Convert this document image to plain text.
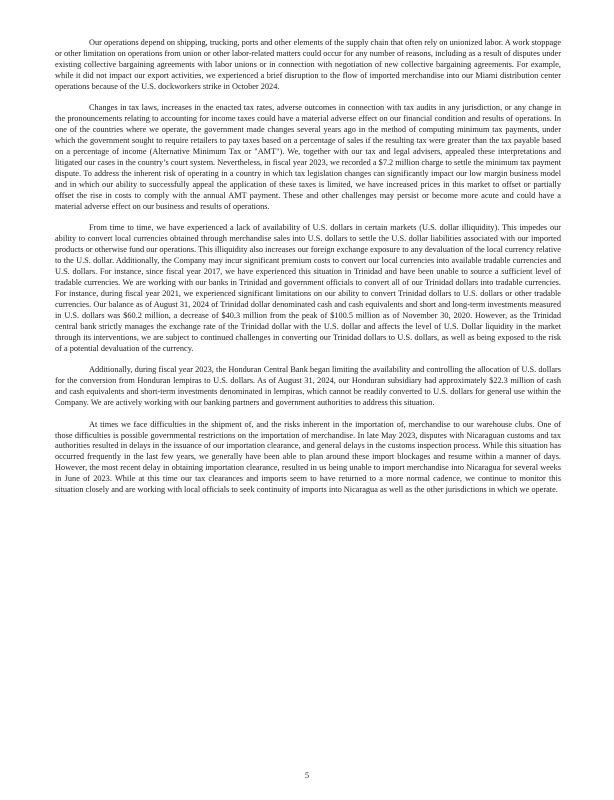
Our operations depend on shipping, trucking, ports and other elements of the supply chain that often rely on unionized labor. A work stoppage or other limitation on operations from union or other labor-related matters could occur for any number of reasons, including as a result of disputes under existing collective bargaining agreements with labor unions or in connection with negotiation of new collective bargaining agreements. For example, while it did not impact our export activities, we experienced a brief disruption to the flow of imported merchandise into our Miami distribution center operations because of the U.S. dockworkers strike in October 2024.

Changes in tax laws, increases in the enacted tax rates, adverse outcomes in connection with tax audits in any jurisdiction, or any change in the pronouncements relating to accounting for income taxes could have a material adverse effect on our financial condition and results of operations. In one of the countries where we operate, the government made changes several years ago in the method of computing minimum tax payments, under which the government sought to require retailers to pay taxes based on a percentage of sales if the resulting tax were greater than the tax payable based on a percentage of income (Alternative Minimum Tax or "AMT"). We, together with our tax and legal advisers, appealed these interpretations and litigated our cases in the country’s court system. Nevertheless, in fiscal year 2023, we recorded a $7.2 million charge to settle the minimum tax payment dispute. To address the inherent risk of operating in a country in which tax legislation changes can significantly impact our low margin business model and in which our ability to successfully appeal the application of these taxes is limited, we have increased prices in this market to offset or partially offset the rise in costs to comply with the annual AMT payment. These and other challenges may persist or become more acute and could have a material adverse effect on our business and results of operations.

From time to time, we have experienced a lack of availability of U.S. dollars in certain markets (U.S. dollar illiquidity). This impedes our ability to convert local currencies obtained through merchandise sales into U.S. dollars to settle the U.S. dollar liabilities associated with our imported products or otherwise fund our operations. This illiquidity also increases our foreign exchange exposure to any devaluation of the local currency relative to the U.S. dollar. Additionally, the Company may incur significant premium costs to convert our local currencies into available tradable currencies and U.S. dollars. For instance, since fiscal year 2017, we have experienced this situation in Trinidad and have been unable to source a sufficient level of tradable currencies. We are working with our banks in Trinidad and government officials to convert all of our Trinidad dollars into tradable currencies. For instance, during fiscal year 2021, we experienced significant limitations on our ability to convert Trinidad dollars to U.S. dollars or other tradable currencies. Our balance as of August 31, 2024 of Trinidad dollar denominated cash and cash equivalents and short and long-term investments measured in U.S. dollars was $60.2 million, a decrease of $40.3 million from the peak of $100.5 million as of November 30, 2020. However, as the Trinidad central bank strictly manages the exchange rate of the Trinidad dollar with the U.S. dollar and affects the level of U.S. Dollar liquidity in the market through its interventions, we are subject to continued challenges in converting our Trinidad dollars to U.S. dollars, as well as being exposed to the risk of a potential devaluation of the currency.

Additionally, during fiscal year 2023, the Honduran Central Bank began limiting the availability and controlling the allocation of U.S. dollars for the conversion from Honduran lempiras to U.S. dollars. As of August 31, 2024, our Honduran subsidiary had approximately $22.3 million of cash and cash equivalents and short-term investments denominated in lempiras, which cannot be readily converted to U.S. dollars for general use within the Company. We are actively working with our banking partners and government authorities to address this situation.

At times we face difficulties in the shipment of, and the risks inherent in the importation of, merchandise to our warehouse clubs. One of those difficulties is possible governmental restrictions on the importation of merchandise. In late May 2023, disputes with Nicaraguan customs and tax authorities resulted in delays in the issuance of our importation clearance, and general delays in the customs inspection process. While this situation has occurred frequently in the last few years, we generally have been able to plan around these import blockages and resume within a manner of days. However, the most recent delay in obtaining importation clearance, resulted in us being unable to import merchandise into Nicaragua for several weeks in June of 2023. While at this time our tax clearances and imports seem to have returned to a more normal cadence, we continue to monitor this situation closely and are working with local officials to seek continuity of imports into Nicaragua as well as the other jurisdictions in which we operate.

5
